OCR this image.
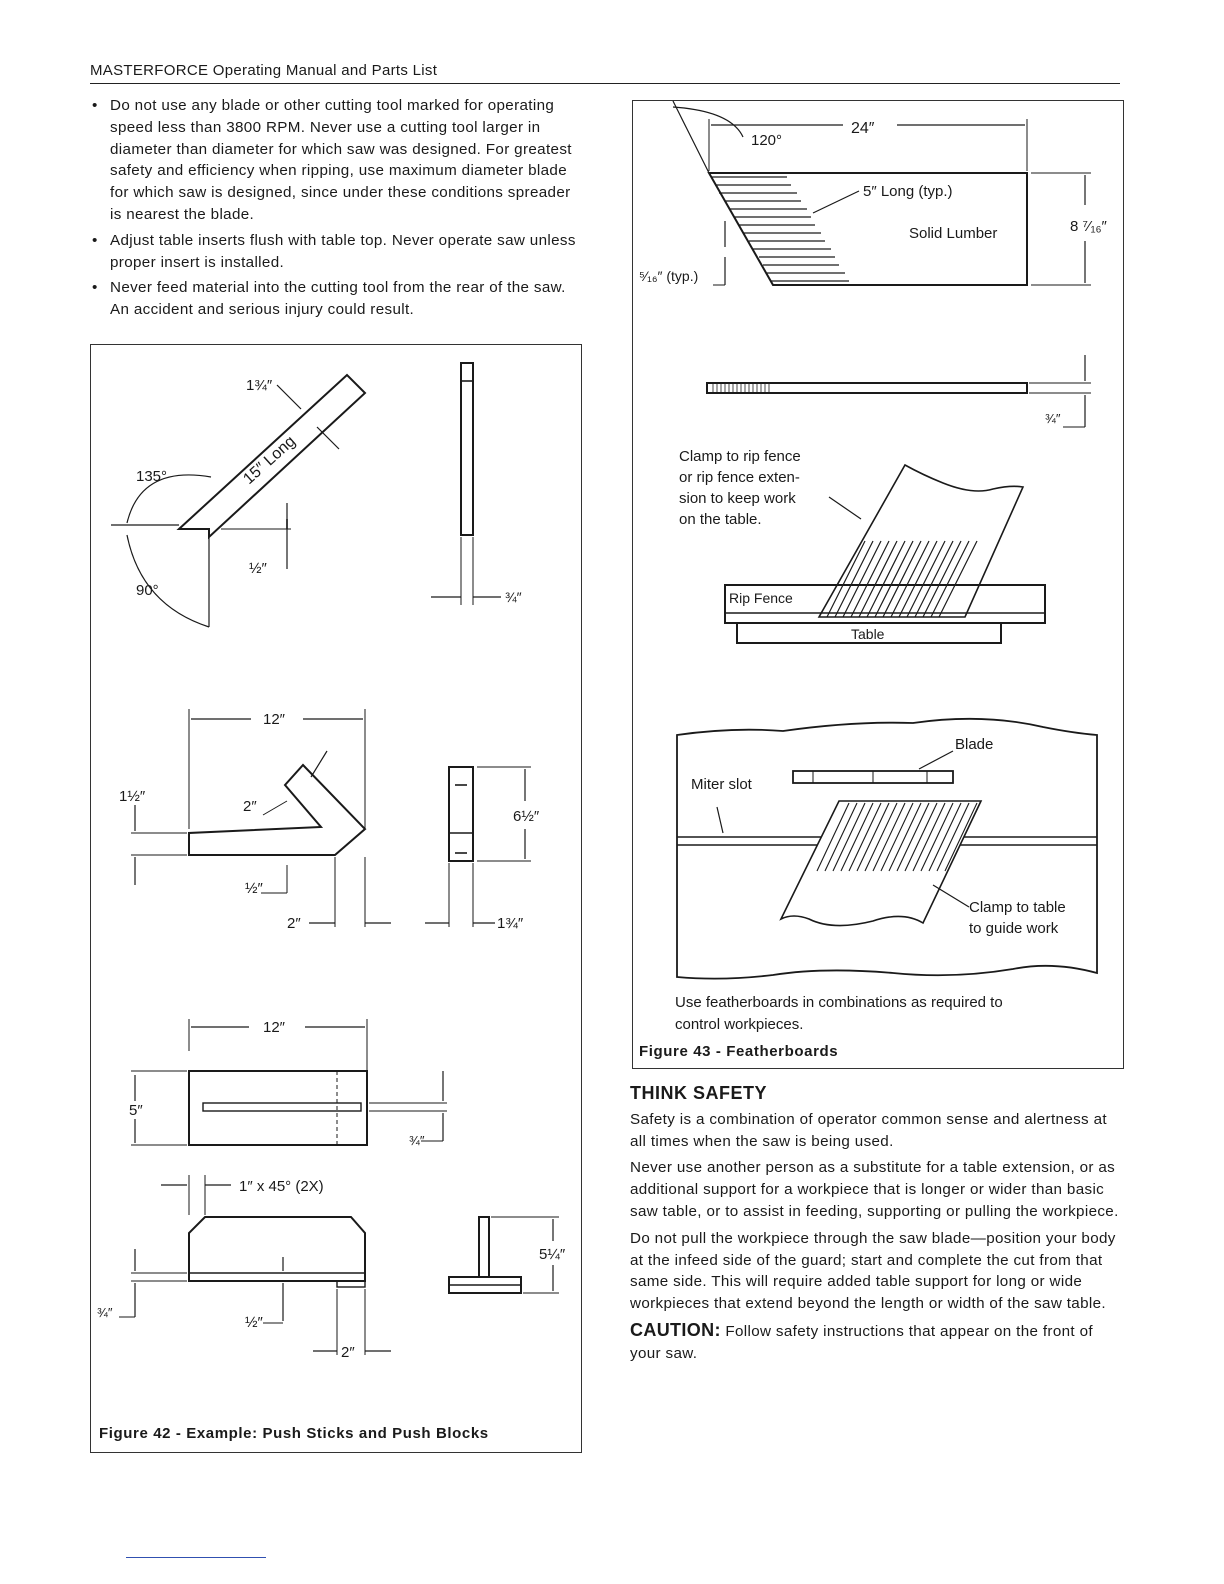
MASTERFORCE Operating Manual and Parts List
• Do not use any blade or other cutting tool marked for operating speed less than 3800 RPM. Never use a cutting tool larger in diameter than diameter for which saw was designed. For greatest safety and efficiency when ripping, use maximum diameter blade for which saw is designed, since under these conditions spreader is nearest the blade.
• Adjust table inserts flush with table top. Never operate saw unless proper insert is installed.
• Never feed material into the cutting tool from the rear of the saw. An accident and serious injury could result.
1¾″
135°
90°
½″
15″ Long
¾″
12″
1½″
2″
½″
2″
6½″
1¾″
12″
5″
¾″
1″ x 45° (2X)
¾″
½″
2″
5¼″
Figure 42 - Example: Push Sticks and Push Blocks
24″
120°
5″ Long (typ.)
Solid Lumber	8 ⁷⁄₁₆″
⁵⁄₁₆″ (typ.)
¾″
Rip Fence
Table
Clamp to rip fence
or rip fence exten-
sion to keep work
on the table.
Blade
Miter slot
Clamp to table
to guide work
Use featherboards in combinations as required to
control workpieces.
Figure 43 - Featherboards
THINK SAFETY

Safety is a combination of operator common sense and alertness at all times when the saw is being used.

Never use another person as a substitute for a table extension, or as additional support for a workpiece that is longer or wider than basic saw table, or to assist in feeding, supporting or pulling the workpiece.

Do not pull the workpiece through the saw blade—position your body at the infeed side of the guard; start and complete the cut from that same side. This will require added table support for long or wide workpieces that extend beyond the length or width of the saw table.

CAUTION: Follow safety instructions that appear on the front of your saw.
